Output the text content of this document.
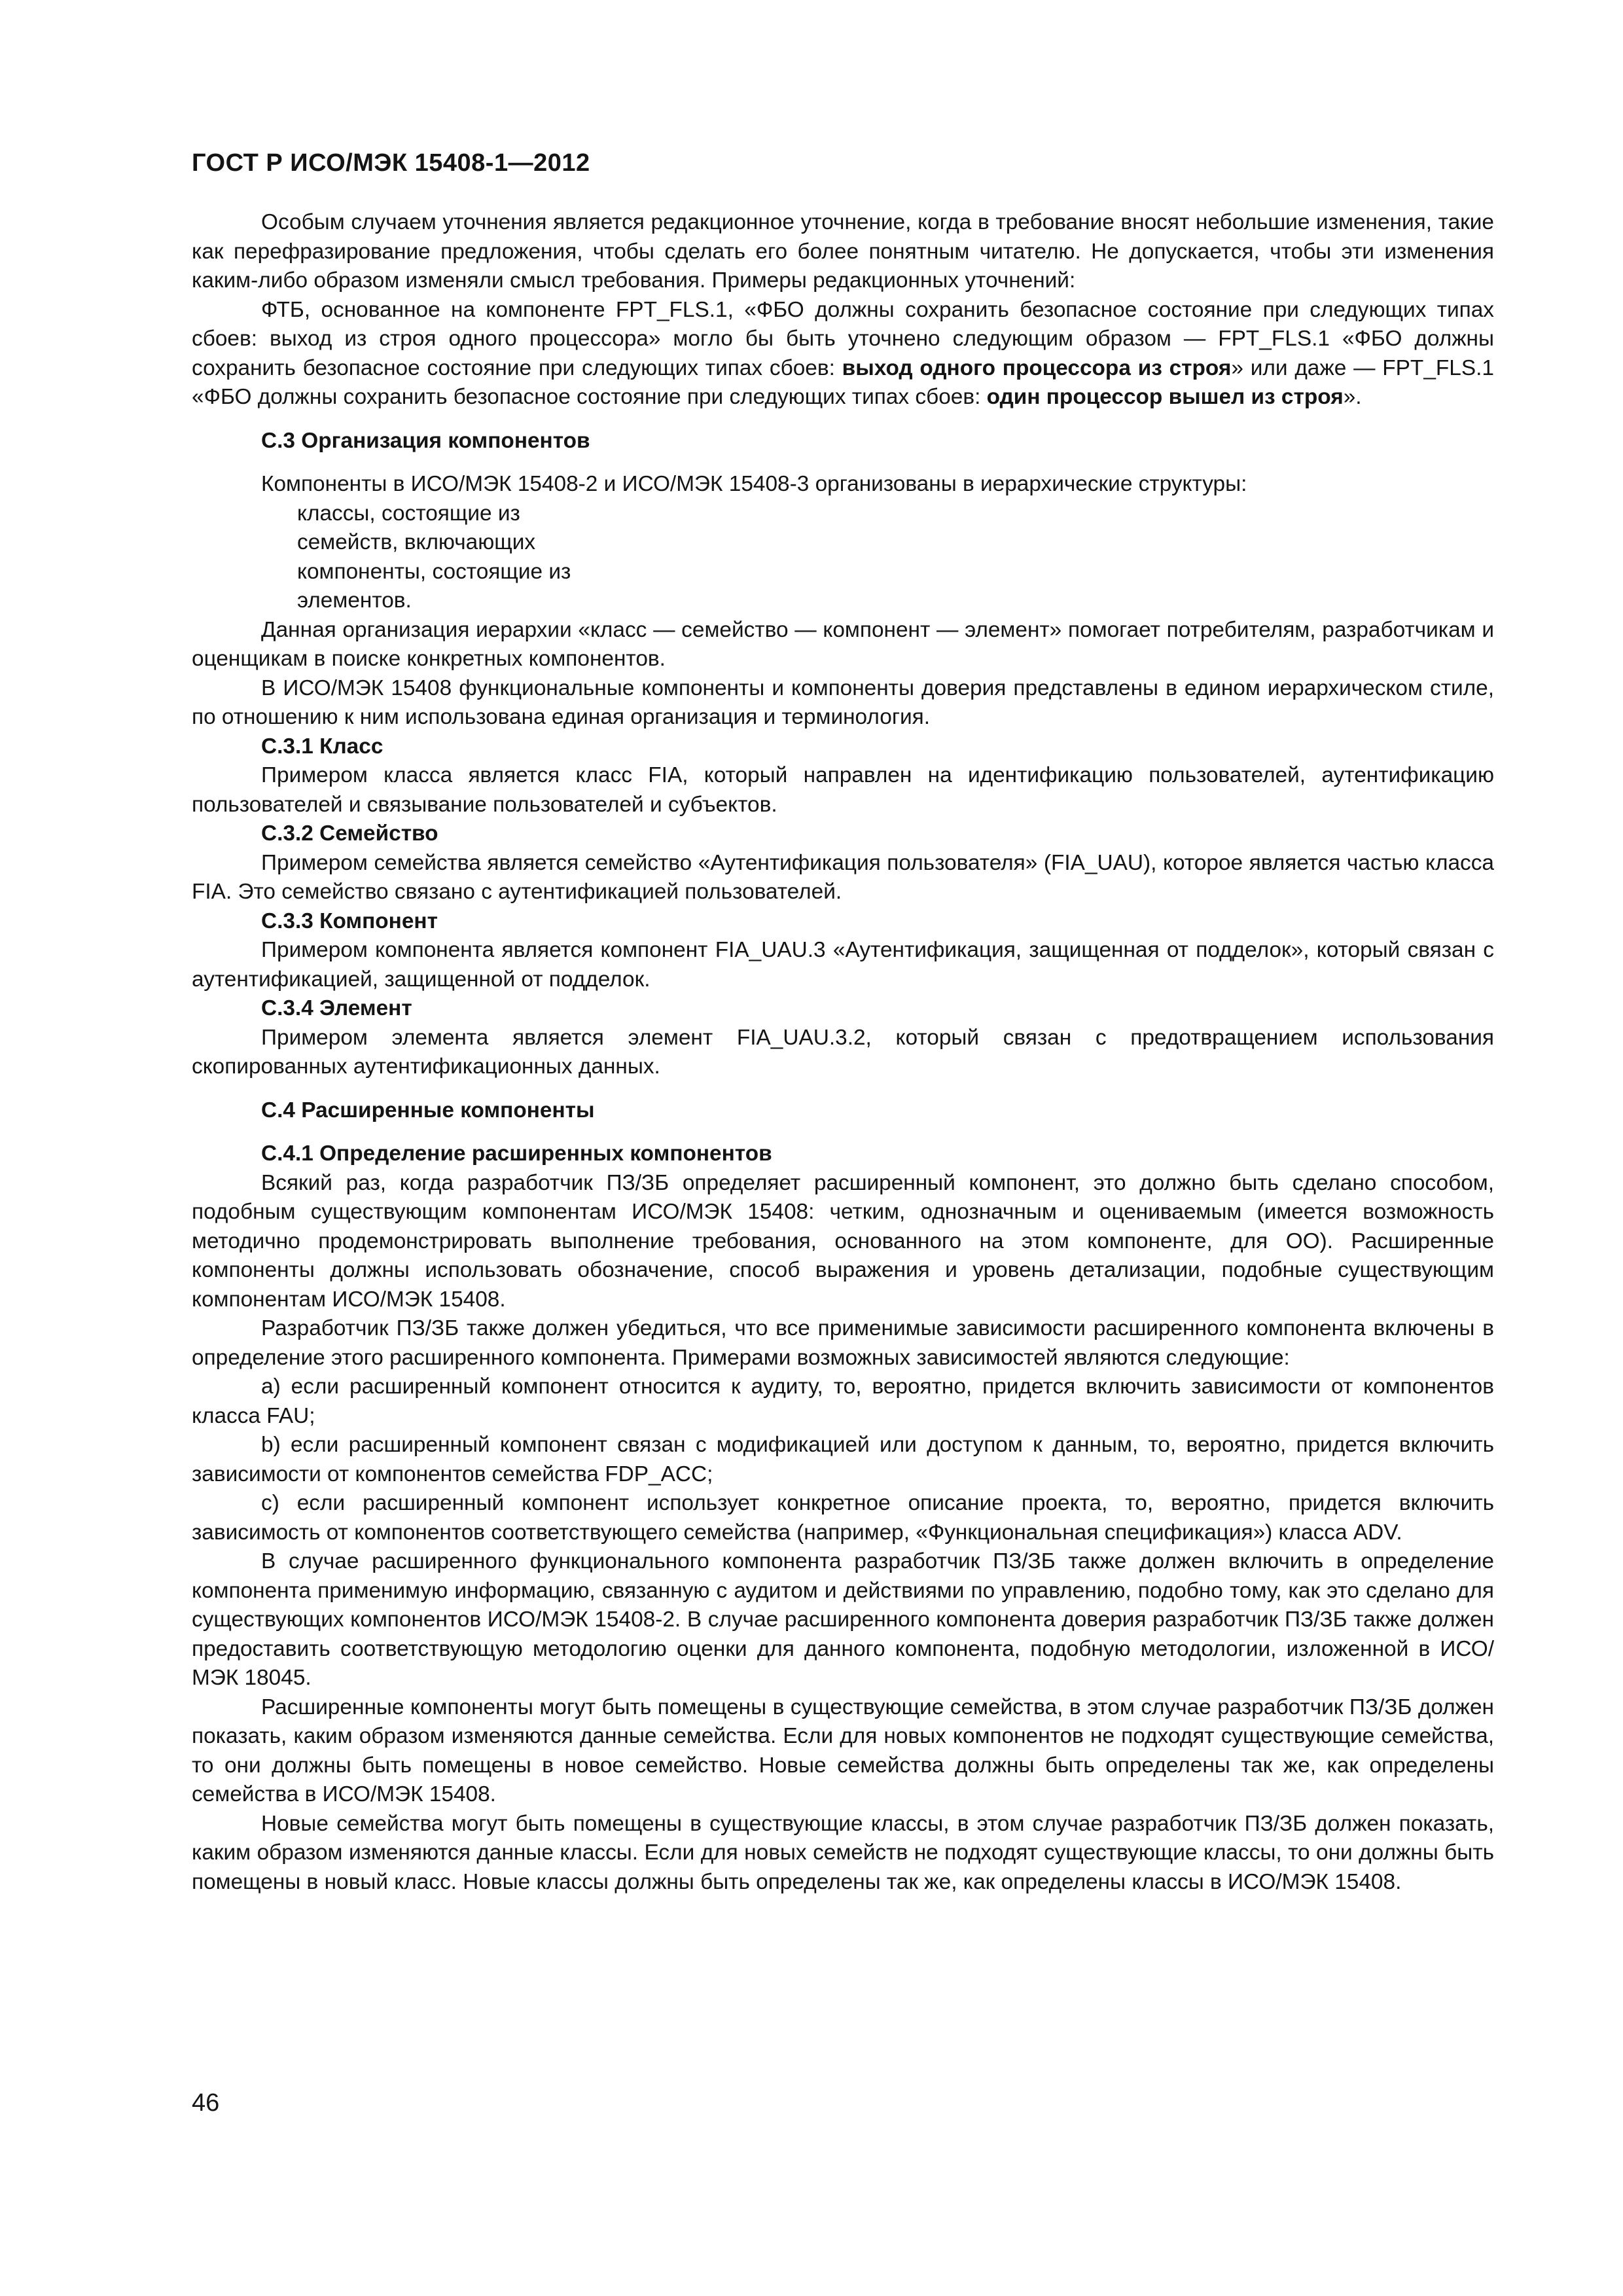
ГОСТ Р ИСО/МЭК 15408-1—2012

Особым случаем уточнения является редакционное уточнение, когда в требование вносят небольшие изменения, такие как перефразирование предложения, чтобы сделать его более понятным читателю. Не допускается, чтобы эти изменения каким-либо образом изменяли смысл требования. Примеры редакционных уточнений:

ФТБ, основанное на компоненте FPT_FLS.1, «ФБО должны сохранить безопасное состояние при следующих типах сбоев: выход из строя одного процессора» могло бы быть уточнено следующим образом — FPT_FLS.1 «ФБО должны сохранить безопасное состояние при следующих типах сбоев: выход одного процессора из строя» или даже — FPT_FLS.1 «ФБО должны сохранить безопасное состояние при следующих типах сбоев: один процессор вышел из строя».

С.3 Организация компонентов

Компоненты в ИСО/МЭК 15408-2 и ИСО/МЭК 15408-3 организованы в иерархические структуры:

классы, состоящие из

семейств, включающих

компоненты, состоящие из

элементов.

Данная организация иерархии «класс — семейство — компонент — элемент» помогает потребителям, разработчикам и оценщикам в поиске конкретных компонентов.

В ИСО/МЭК 15408 функциональные компоненты и компоненты доверия представлены в едином иерархическом стиле, по отношению к ним использована единая организация и терминология.

С.3.1 Класс

Примером класса является класс FIA, который направлен на идентификацию пользователей, аутентификацию пользователей и связывание пользователей и субъектов.

С.3.2 Семейство

Примером семейства является семейство «Аутентификация пользователя» (FIA_UAU), которое является частью класса FIA. Это семейство связано с аутентификацией пользователей.

С.3.3 Компонент

Примером компонента является компонент FIA_UAU.3 «Аутентификация, защищенная от подделок», который связан с аутентификацией, защищенной от подделок.

С.3.4 Элемент

Примером элемента является элемент FIA_UAU.3.2, который связан с предотвращением использования скопированных аутентификационных данных.

С.4 Расширенные компоненты

С.4.1 Определение расширенных компонентов

Всякий раз, когда разработчик ПЗ/ЗБ определяет расширенный компонент, это должно быть сделано способом, подобным существующим компонентам ИСО/МЭК 15408: четким, однозначным и оцениваемым (имеется возможность методично продемонстрировать выполнение требования, основанного на этом компоненте, для ОО). Расширенные компоненты должны использовать обозначение, способ выражения и уровень детализации, подобные существующим компонентам ИСО/МЭК 15408.

Разработчик ПЗ/ЗБ также должен убедиться, что все применимые зависимости расширенного компонента включены в определение этого расширенного компонента. Примерами возможных зависимостей являются следующие:

а) если расширенный компонент относится к аудиту, то, вероятно, придется включить зависимости от компонентов класса FAU;

b) если расширенный компонент связан с модификацией или доступом к данным, то, вероятно, придется включить зависимости от компонентов семейства FDP_ACC;

с) если расширенный компонент использует конкретное описание проекта, то, вероятно, придется включить зависимость от компонентов соответствующего семейства (например, «Функциональная спецификация») класса ADV.

В случае расширенного функционального компонента разработчик ПЗ/ЗБ также должен включить в определение компонента применимую информацию, связанную с аудитом и действиями по управлению, подобно тому, как это сделано для существующих компонентов ИСО/МЭК 15408-2. В случае расширенного компонента доверия разработчик ПЗ/ЗБ также должен предоставить соответствующую методологию оценки для данного компонента, подобную методологии, изложенной в ИСО/МЭК 18045.

Расширенные компоненты могут быть помещены в существующие семейства, в этом случае разработчик ПЗ/ЗБ должен показать, каким образом изменяются данные семейства. Если для новых компонентов не подходят существующие семейства, то они должны быть помещены в новое семейство. Новые семейства должны быть определены так же, как определены семейства в ИСО/МЭК 15408.

Новые семейства могут быть помещены в существующие классы, в этом случае разработчик ПЗ/ЗБ должен показать, каким образом изменяются данные классы. Если для новых семейств не подходят существующие классы, то они должны быть помещены в новый класс. Новые классы должны быть определены так же, как определены классы в ИСО/МЭК 15408.

46
